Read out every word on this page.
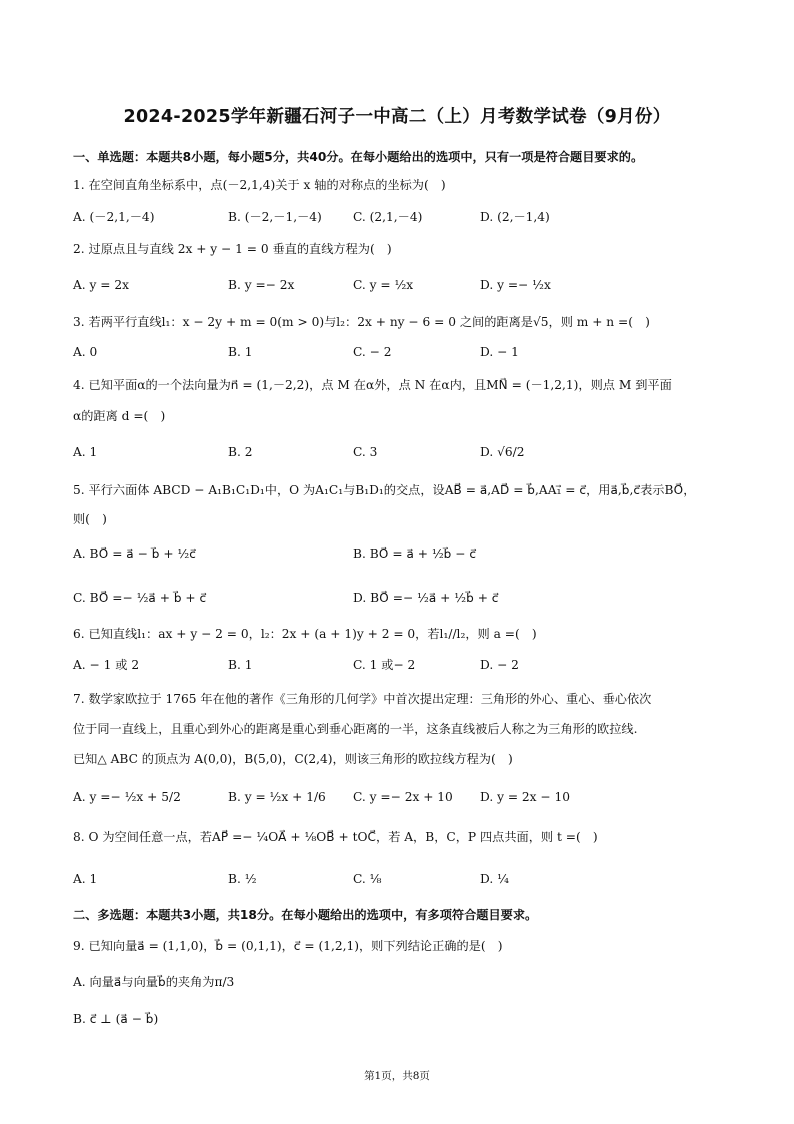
2024-2025学年新疆石河子一中高二（上）月考数学试卷（9月份）
一、单选题：本题共8小题，每小题5分，共40分。在每小题给出的选项中，只有一项是符合题目要求的。
1. 在空间直角坐标系中，点(－2,1,4)关于 x 轴的对称点的坐标为(　)
A. (－2,1,－4)	B. (－2,－1,－4)	C. (2,1,－4)	D. (2,－1,4)
2. 过原点且与直线 2x + y − 1 = 0 垂直的直线方程为(　)
A. y = 2x	B. y =− 2x	C. y = ½x	D. y =− ½x
3. 若两平行直线l₁：x − 2y + m = 0(m > 0)与l₂：2x + ny − 6 = 0 之间的距离是√5，则 m + n =(　)
A. 0	B. 1	C. − 2	D. − 1
4. 已知平面α的一个法向量为n⃗ = (1,－2,2)，点 M 在α外，点 N 在α内，且MN⃗ = (－1,2,1)，则点 M 到平面
α的距离 d =(　)
A. 1	B. 2	C. 3	D. √6/2
5. 平行六面体 ABCD − A₁B₁C₁D₁中，O 为A₁C₁与B₁D₁的交点，设AB⃗ = a⃗,AD⃗ = b⃗,AA₁⃗ = c⃗，用a⃗,b⃗,c⃗表示BO⃗，
则(　)
A. BO⃗ = a⃗ − b⃗ + ½c⃗	B. BO⃗ = a⃗ + ½b⃗ − c⃗
C. BO⃗ =− ½a⃗ + b⃗ + c⃗	D. BO⃗ =− ½a⃗ + ½b⃗ + c⃗
6. 已知直线l₁：ax + y − 2 = 0，l₂：2x + (a + 1)y + 2 = 0，若l₁//l₂，则 a =(　)
A. − 1 或 2	B. 1	C. 1 或− 2	D. − 2
7. 数学家欧拉于 1765 年在他的著作《三角形的几何学》中首次提出定理：三角形的外心、重心、垂心依次
位于同一直线上，且重心到外心的距离是重心到垂心距离的一半，这条直线被后人称之为三角形的欧拉线.
已知△ ABC 的顶点为 A(0,0)，B(5,0)，C(2,4)，则该三角形的欧拉线方程为(　)
A. y =− ½x + 5/2	B. y = ½x + 1/6 C. y =− 2x + 10 D. y = 2x − 10
8. O 为空间任意一点，若AP⃗ =− ¼OA⃗ + ⅛OB⃗ + tOC⃗，若 A，B，C，P 四点共面，则 t =(　)
A. 1	B. ½	C. ⅛	D. ¼
二、多选题：本题共3小题，共18分。在每小题给出的选项中，有多项符合题目要求。
9. 已知向量a⃗ = (1,1,0)，b⃗ = (0,1,1)，c⃗ = (1,2,1)，则下列结论正确的是(　)
A. 向量a⃗与向量b⃗的夹角为π/3
B. c⃗ ⊥ (a⃗ − b⃗)
第1页，共8页
